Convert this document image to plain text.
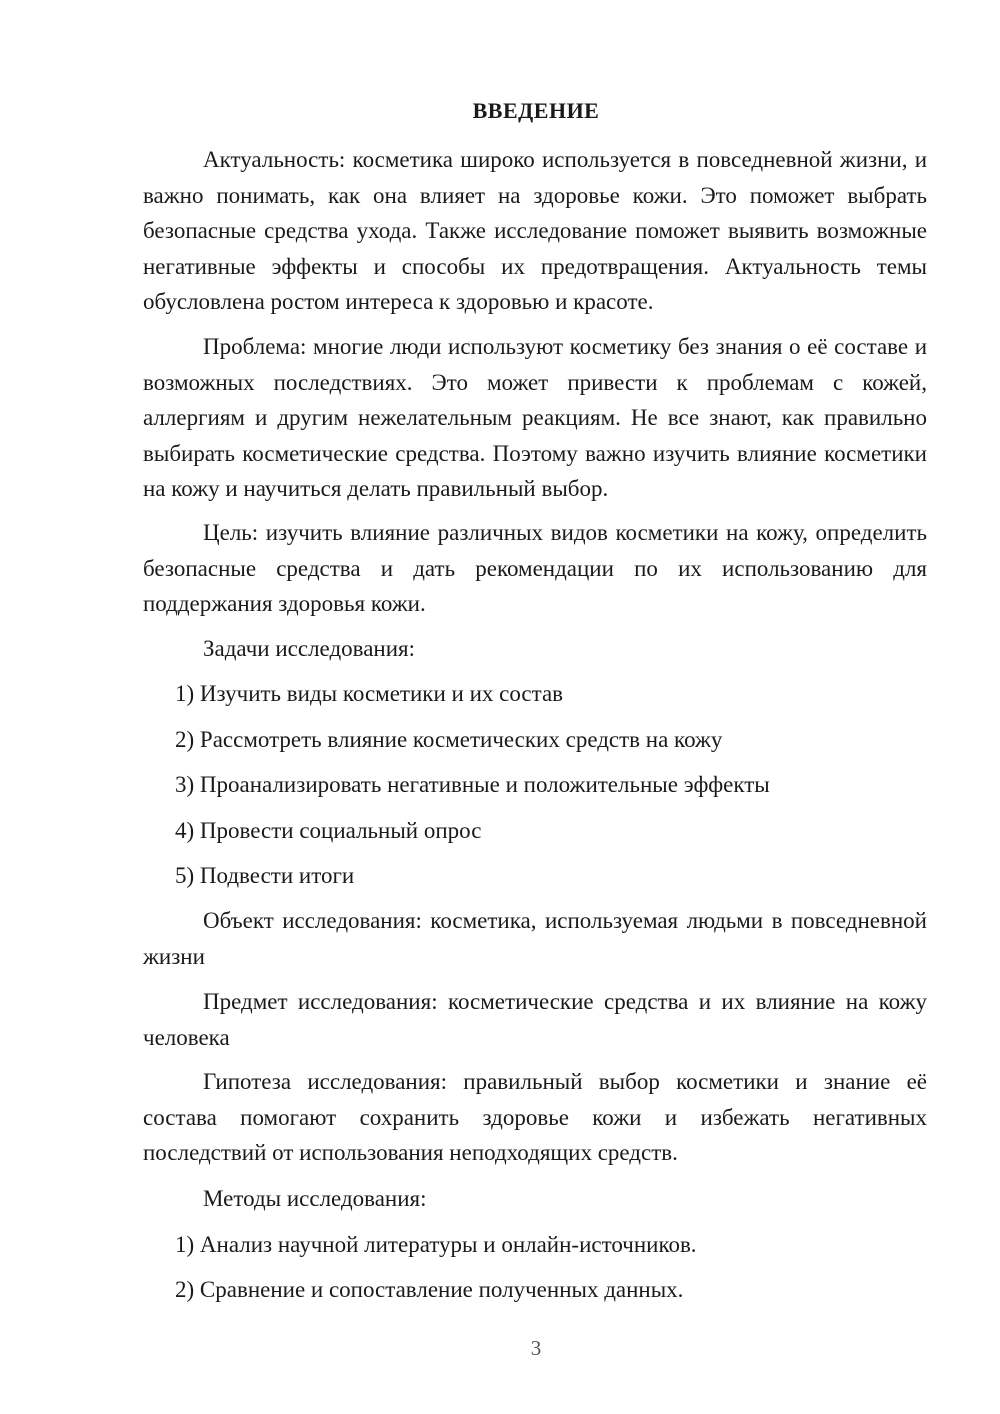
ВВЕДЕНИЕ

Актуальность: косметика широко используется в повседневной жизни, и важно понимать, как она влияет на здоровье кожи. Это поможет выбрать безопасные средства ухода. Также исследование поможет выявить возможные негативные эффекты и способы их предотвращения. Актуальность темы обусловлена ростом интереса к здоровью и красоте.

Проблема: многие люди используют косметику без знания о её составе и возможных последствиях. Это может привести к проблемам с кожей, аллергиям и другим нежелательным реакциям. Не все знают, как правильно выбирать косметические средства. Поэтому важно изучить влияние косметики на кожу и научиться делать правильный выбор.

Цель: изучить влияние различных видов косметики на кожу, определить безопасные средства и дать рекомендации по их использованию для поддержания здоровья кожи.

Задачи исследования:

1) Изучить виды косметики и их состав

2) Рассмотреть влияние косметических средств на кожу

3) Проанализировать негативные и положительные эффекты

4) Провести социальный опрос

5) Подвести итоги

Объект исследования: косметика, используемая людьми в повседневной жизни

Предмет исследования: косметические средства и их влияние на кожу человека

Гипотеза исследования: правильный выбор косметики и знание её состава помогают сохранить здоровье кожи и избежать негативных последствий от использования неподходящих средств.

Методы исследования:

1) Анализ научной литературы и онлайн-источников.

2) Сравнение и сопоставление полученных данных.

3
